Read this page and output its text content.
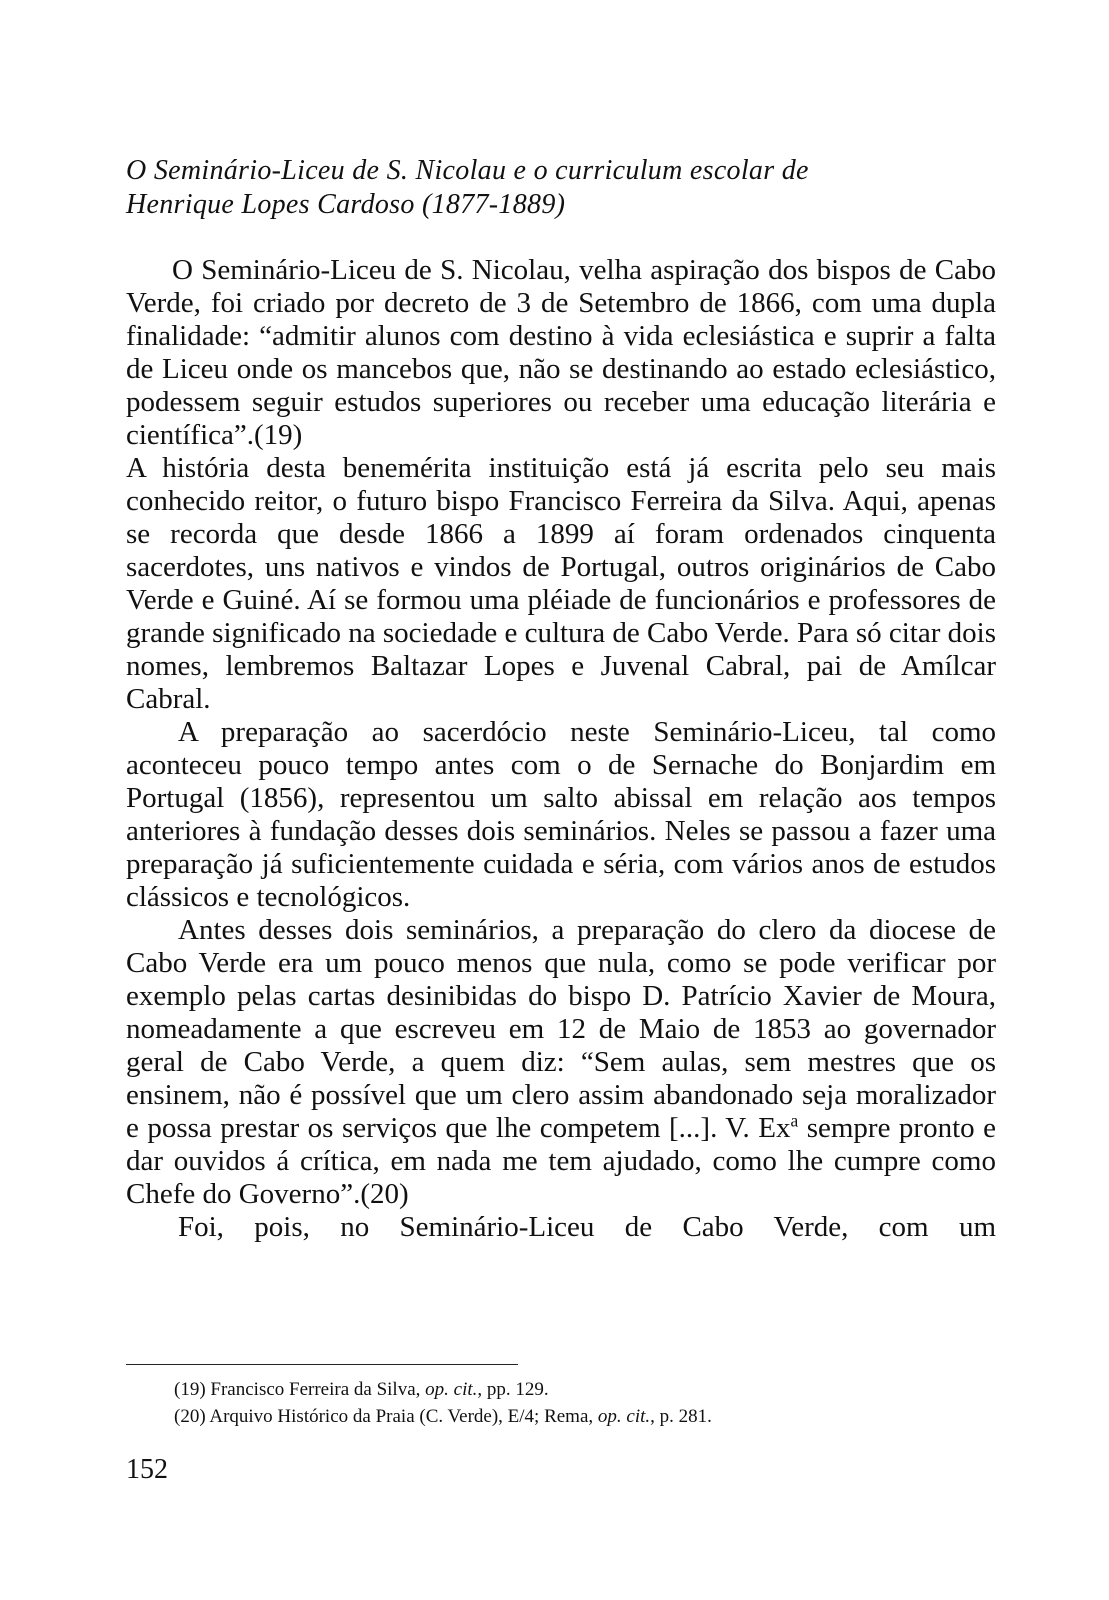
O Seminário-Liceu de S. Nicolau e o curriculum escolar de
Henrique Lopes Cardoso (1877-1889)

O Seminário-Liceu de S. Nicolau, velha aspiração dos bispos de Cabo Verde, foi criado por decreto de 3 de Setembro de 1866, com uma dupla finalidade: “admitir alunos com destino à vida eclesiástica e suprir a falta de Liceu onde os mancebos que, não se destinando ao estado eclesiástico, podessem seguir estudos superiores ou receber uma educação literária e científica”.(19)

A história desta benemérita instituição está já escrita pelo seu mais conhecido reitor, o futuro bispo Francisco Ferreira da Silva. Aqui, apenas se recorda que desde 1866 a 1899 aí foram ordenados cinquenta sacerdotes, uns nativos e vindos de Portugal, outros originários de Cabo Verde e Guiné. Aí se formou uma pléiade de funcionários e professores de grande significado na sociedade e cultura de Cabo Verde. Para só citar dois nomes, lembremos Baltazar Lopes e Juvenal Cabral, pai de Amílcar Cabral.

A preparação ao sacerdócio neste Seminário-Liceu, tal como aconteceu pouco tempo antes com o de Sernache do Bonjardim em Portugal (1856), representou um salto abissal em relação aos tempos anteriores à fundação desses dois seminários. Neles se passou a fazer uma preparação já suficientemente cuidada e séria, com vários anos de estudos clássicos e tecnológicos.

Antes desses dois seminários, a preparação do clero da diocese de Cabo Verde era um pouco menos que nula, como se pode verificar por exemplo pelas cartas desinibidas do bispo D. Patrício Xavier de Moura, nomeadamente a que escreveu em 12 de Maio de 1853 ao governador geral de Cabo Verde, a quem diz: “Sem aulas, sem mestres que os ensinem, não é possível que um clero assim abandonado seja moralizador e possa prestar os serviços que lhe competem [...]. V. Ex$^a$ sempre pronto e dar ouvidos á crítica, em nada me tem ajudado, como lhe cumpre como Chefe do Governo”.(20)

Foi, pois, no Seminário-Liceu de Cabo Verde, com um

(19) Francisco Ferreira da Silva, op. cit., pp. 129.

(20) Arquivo Histórico da Praia (C. Verde), E/4; Rema, op. cit., p. 281.

152
